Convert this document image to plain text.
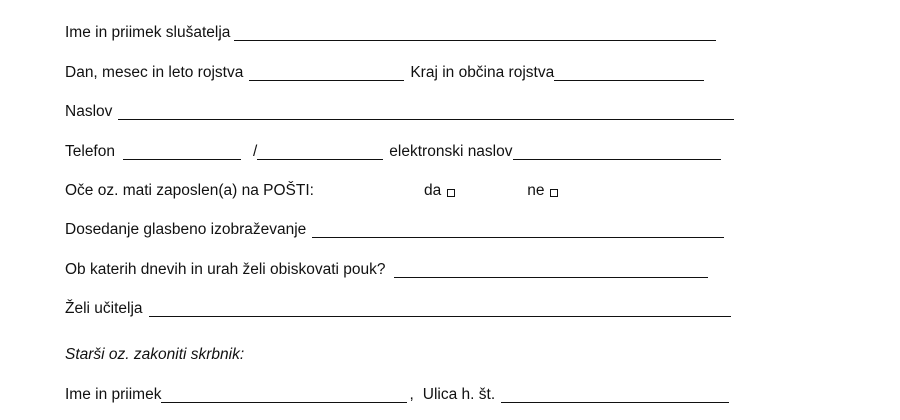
Ime in priimek slušatelja
Dan, mesec in leto rojstva	Kraj in občina rojstva
Naslov
Telefon	/	elektronski naslov
Oče oz. mati zaposlen(a) na POŠTI:	da	ne
Dosedanje glasbeno izobraževanje
Ob katerih dnevih in urah želi obiskovati pouk?
Želi učitelja
Starši oz. zakoniti skrbnik:
Ime in priimek	, Ulica h. št.
